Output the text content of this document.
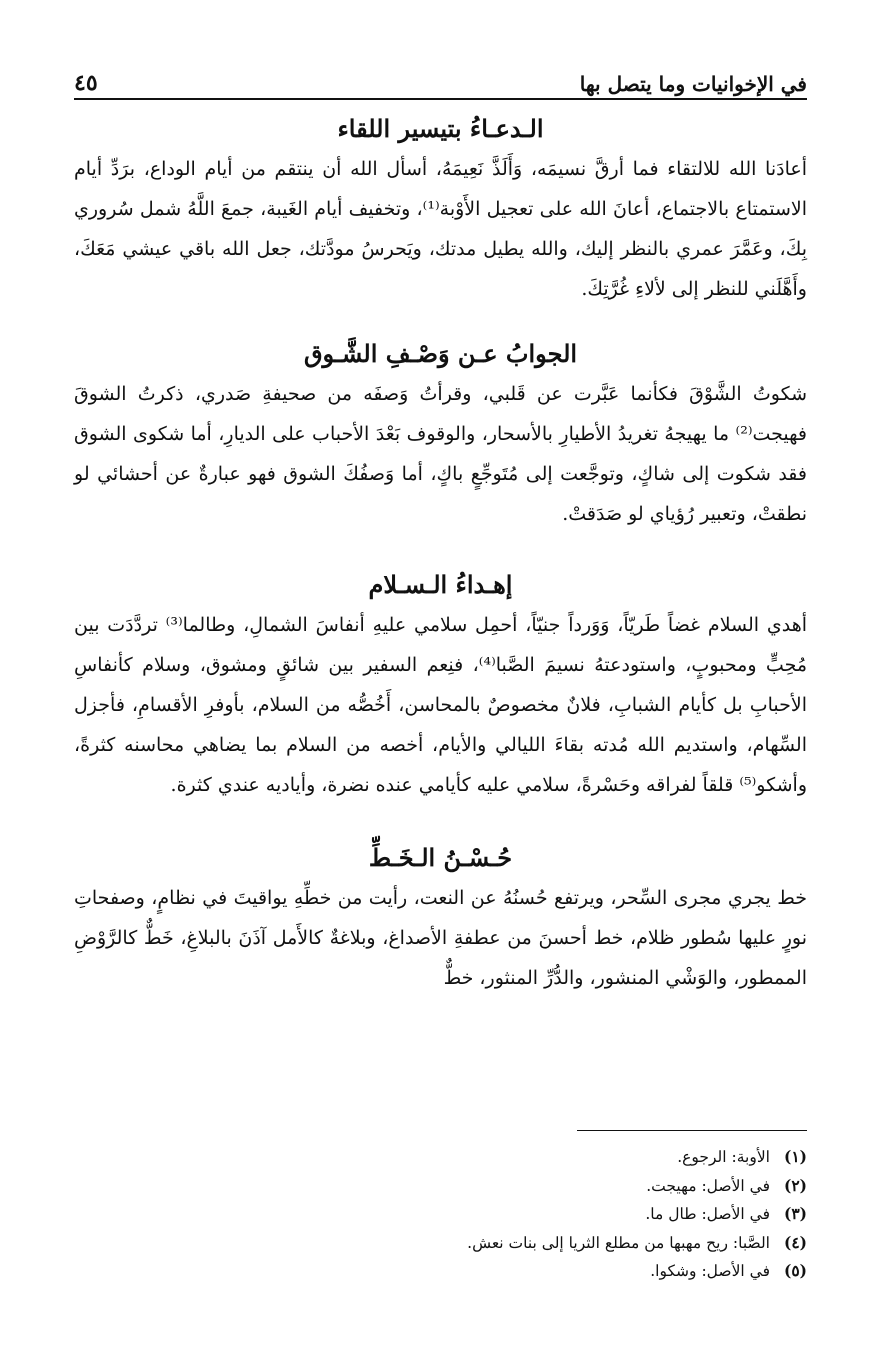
في الإخوانيات وما يتصل بها
٤٥
الـدعـاءُ بتيسير اللقاء

أعادَنا الله للالتقاء فما أرقَّ نسيمَه، وَأَلَذَّ نَعِيمَهُ، أسأل الله أن ينتقم من أيام الوداع، برَدِّ أيام الاستمتاع بالاجتماع، أعانَ الله على تعجيل الأَوْبة⁽¹⁾، وتخفيف أيام الغَيبة، جمعَ اللَّهُ شمل سُروري بِكَ، وعَمَّرَ عمري بالنظر إليك، والله يطيل مدتك، ويَحرسُ مودَّتك، جعل الله باقي عيشي مَعَكَ، وأَهَّلَني للنظر إلى لألاءِ غُرَّتِكَ.

الجوابُ عـن وَصْـفِ الشَّـوق

شكوتُ الشَّوْقَ فكأنما عَبَّرت عن قَلبي، وقرأتُ وَصفَه من صحيفةِ صَدري، ذكرتُ الشوقَ فهيجت⁽²⁾ ما يهيجهُ تغريدُ الأطيارِ بالأسحار، والوقوف بَعْدَ الأحباب على الديارِ، أما شكوى الشوق فقد شكوت إلى شاكٍ، وتوجَّعت إلى مُتَوجِّعٍ باكٍ، أما وَصفُكَ الشوق فهو عبارةٌ عن أحشائي لو نطقتْ، وتعبير رُؤياي لو صَدَقتْ.

إهـداءُ الـسـلام

أهدي السلام غضاً طَريّاً، وَوَرداً جنيّاً، أحمِل سلامي عليهِ أنفاسَ الشمالِ، وطالما⁽³⁾ تردَّدَت بين مُحِبٍّ ومحبوبٍ، واستودعتهُ نسيمَ الصَّبا⁽⁴⁾، فنِعم السفير بين شائقٍ ومشوق، وسلام كأنفاسِ الأحبابِ بل كأيام الشبابِ، فلانٌ مخصوصٌ بالمحاسن، أَخُصُّه من السلام، بأوفرِ الأقسامِ، فأجزل السِّهام، واستديم الله مُدته بقاءَ الليالي والأيام، أخصه من السلام بما يضاهي محاسنه كثرةً، وأشكو⁽⁵⁾ قلقاً لفراقه وحَسْرةً، سلامي عليه كأيامي عنده نضرة، وأياديه عندي كثرة.

حُـسْـنُ الـخَـطِّ

خط يجري مجرى السِّحر، ويرتفع حُسنُهُ عن النعت، رأيت من خطِّهِ يواقيتَ في نظامٍ، وصفحاتِ نورٍ عليها سُطور ظلام، خط أحسنَ من عطفةِ الأصداغ، وبلاغةٌ كالأَمل آذَنَ بالبلاغِ، خَطٌّ كالرَّوْضِ الممطور، والوَشْي المنشور، والدُّرِّ المنثور، خطٌّ

(١)
الأوبة: الرجوع.
(٢)
في الأصل: مهيجت.
(٣)
في الأصل: طال ما.
(٤)
الصَّبا: ريح مهبها من مطلع الثريا إلى بنات نعش.
(٥)
في الأصل: وشكوا.
